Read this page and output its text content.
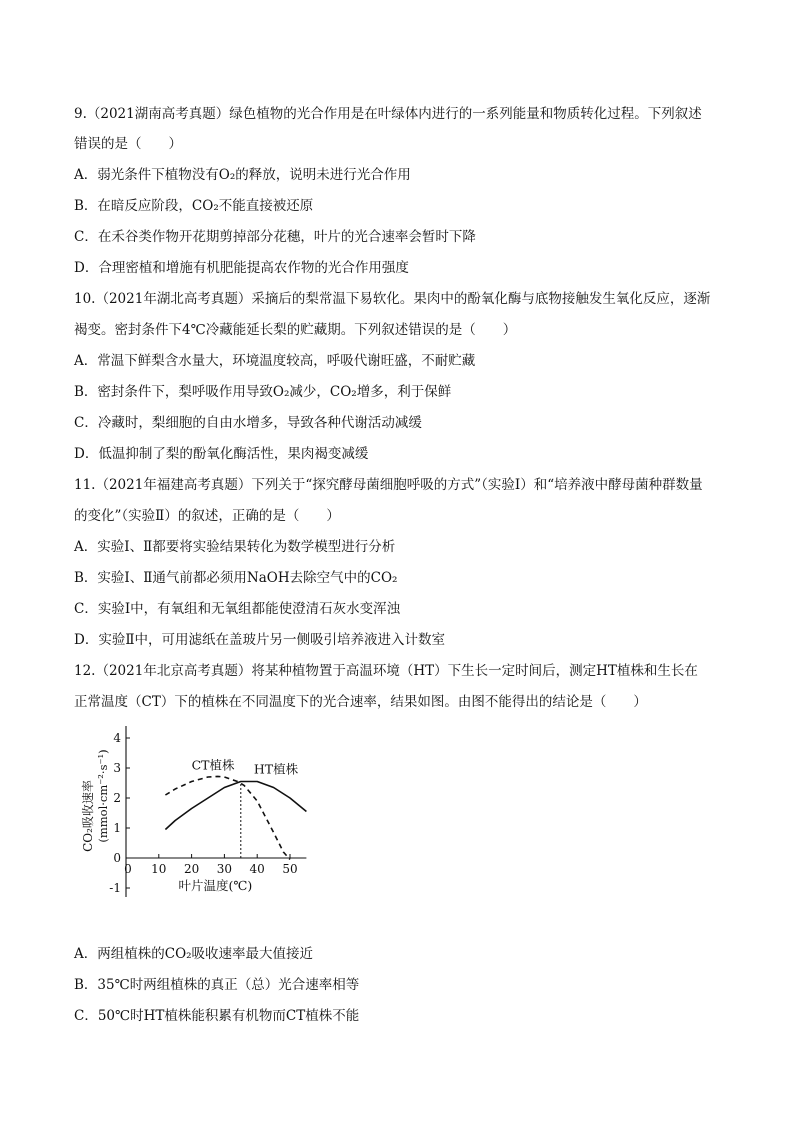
9.（2021湖南高考真题）绿色植物的光合作用是在叶绿体内进行的一系列能量和物质转化过程。下列叙述
错误的是（　　）
A．弱光条件下植物没有O₂的释放，说明未进行光合作用
B．在暗反应阶段，CO₂不能直接被还原
C．在禾谷类作物开花期剪掉部分花穗，叶片的光合速率会暂时下降
D．合理密植和增施有机肥能提高农作物的光合作用强度
10.（2021年湖北高考真题）采摘后的梨常温下易软化。果肉中的酚氧化酶与底物接触发生氧化反应，逐渐
褐变。密封条件下4℃冷藏能延长梨的贮藏期。下列叙述错误的是（　　）
A．常温下鲜梨含水量大，环境温度较高，呼吸代谢旺盛，不耐贮藏
B．密封条件下，梨呼吸作用导致O₂减少，CO₂增多，利于保鲜
C．冷藏时，梨细胞的自由水增多，导致各种代谢活动减缓
D．低温抑制了梨的酚氧化酶活性，果肉褐变减缓
11.（2021年福建高考真题）下列关于“探究酵母菌细胞呼吸的方式”（实验Ⅰ）和“培养液中酵母菌种群数量
的变化”（实验Ⅱ）的叙述，正确的是（　　）
A．实验Ⅰ、Ⅱ都要将实验结果转化为数学模型进行分析
B．实验Ⅰ、Ⅱ通气前都必须用NaOH去除空气中的CO₂
C．实验Ⅰ中，有氧组和无氧组都能使澄清石灰水变浑浊
D．实验Ⅱ中，可用滤纸在盖玻片另一侧吸引培养液进入计数室
12.（2021年北京高考真题）将某种植物置于高温环境（HT）下生长一定时间后，测定HT植株和生长在
正常温度（CT）下的植株在不同温度下的光合速率，结果如图。由图不能得出的结论是（　　）
-1
0
1
2
3
4
0 10 20 30 40 50
CT植株 HT植株
叶片温度(℃)
CO₂吸收速率 (mmol·cm⁻²·s⁻¹)
A．两组植株的CO₂吸收速率最大值接近
B．35℃时两组植株的真正（总）光合速率相等
C．50℃时HT植株能积累有机物而CT植株不能
